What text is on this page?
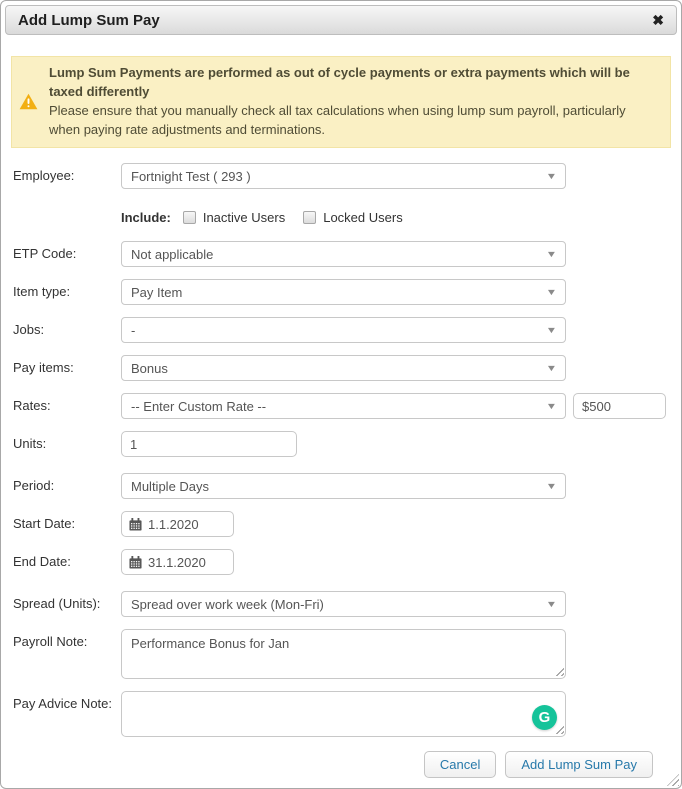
Add Lump Sum Pay	✖
Lump Sum Payments are performed as out of cycle payments or extra payments which will be taxed differently
Please ensure that you manually check all tax calculations when using lump sum payroll, particularly when paying rate adjustments and terminations.
Employee:	Fortnight Test ( 293 )	▼
Include: Inactive Users	Locked Users
ETP Code:	Not applicable	▼
Item type:	Pay Item	▼
Jobs:	-	▼
Pay items:	Bonus	▼
Rates:	-- Enter Custom Rate --	▼
$500
Units:
1
Period:	Multiple Days	▼
Start Date:	1.1.2020
End Date:	31.1.2020
Spread (Units):	Spread over work week (Mon-Fri)	▼
Payroll Note:
Performance Bonus for Jan
Pay Advice Note:
G
Cancel	Add Lump Sum Pay
